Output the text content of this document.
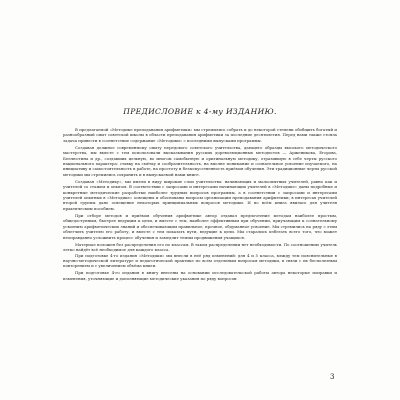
ПРЕДИСЛОВИЕ к 4-му ИЗДАНИЮ.

В предлагаемой «Методике преподавания арифметики» мы стремились собрать и до некоторой степени обобщить богатый и разнообразный опыт советской школы в области преподавания арифметики за последние десятилетия. Перед нами также стояла задача привести в соответствие содержание «Методики» с последними выпусками программы.

Создавая должное современному опыту передового советского учительства, дающего образцы высокого методического мастерства, мы вместе с тем использовали высказывания русских дореволюционных методистов — Аржениковa, Егорова, Беллюстина и др., создавших цельную, во многом самобытную и оригинальную методику, отразившую в себе черты русского национального характера: ставку на смётку и сообразительность, на вполне понимание и сознательное усвоение изучаемого, на инициативу и самостоятельность в работе, на простоту и безыскусственность приёмов обучения. Эти традиционные черты русской методики мы стремились сохранить и в выпускаемой нами книге.

Создавая «Методику», мы имели в виду широкие слои учительства: начинающих и малоопытных учителей, равно как и учителей со стажем и опытом. В соответствии с запросами и интересами начинающих учителей в «Методике» даны подробные и конкретные методические разработки наиболее трудных вопросов программы, а в соответствии с запросами и интересами учителей опытных в «Методике» освещены и обоснованы вопросы организации преподавания арифметики; в интересах учителей второй группы дано освещение некоторых принципиальных вопросов методики. И во всём книга явилась для учителя практическим пособием.

При отборе методов и приёмов обучения арифметике автор отдавал предпочтение методам наиболее простым, общедоступным, быстрее ведущим к цели, и вместе с тем, наиболее эффективным при обучении, приучающим к сознательному усвоению арифметических знаний и обеспечивающим правильное, прочное, обдуманное усвоение. Мы стремились на ряду с этим облегчить учителю его работу, и вместе с тем показать пути, ведущие к цели. Мы старались избегать всего того, что может неоправданно усложнить процесс обучения и замедлит темпы продвижения учащихся.

Материал положен без распределения его по классам. В таком распределении нет необходимости. По соотношению учитель легко найдёт всё необходимое для каждого класса.

При подготовке 4-го издания «Методики» мы внесли в неё ряд изменений: для 4 и 5 класса, между тем пояснительные в научно-методической литературе и педагогической практике по всем отдельным вопросам методики, в связи с их бесполезным повторением и с увеличением объёма книги.

При подготовке 4-го издания в книгу внесены на основании исследовательской работы автора некоторые поправки и изменения, уточняющие и дополняющие методические указания по ряду вопросов:

3
